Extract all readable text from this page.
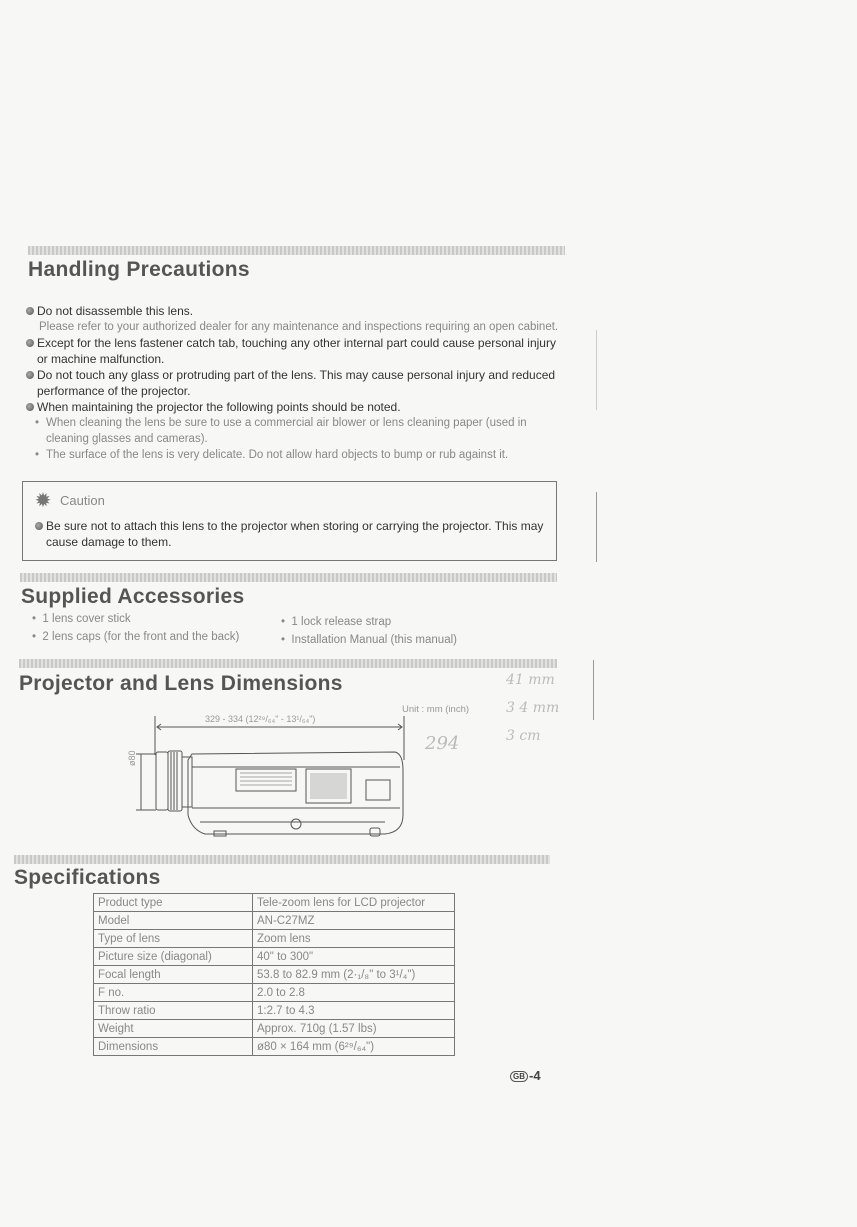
Handling Precautions
Do not disassemble this lens.
Please refer to your authorized dealer for any maintenance and inspections requiring an open cabinet.
Except for the lens fastener catch tab, touching any other internal part could cause personal injury or machine malfunction.
Do not touch any glass or protruding part of the lens. This may cause personal injury and reduced performance of the projector.
When maintaining the projector the following points should be noted.
• When cleaning the lens be sure to use a commercial air blower or lens cleaning paper (used in cleaning glasses and cameras).
• The surface of the lens is very delicate. Do not allow hard objects to bump or rub against it.
✹ Caution
Be sure not to attach this lens to the projector when storing or carrying the projector. This may cause damage to them.
Supplied Accessories
•  1 lens cover stick
•  2 lens caps (for the front and the back)
•  1 lock release strap
•  Installation Manual (this manual)
Projector and Lens Dimensions
Unit : mm (inch)
329 - 334 (12²⁹/₆₄" - 13¹/₆₄")
ø80
294
41 mm
3 4 mm
3 cm
Specifications
Product type	Tele-zoom lens for LCD projector
Model	AN-C27MZ
Type of lens	Zoom lens
Picture size (diagonal)	40" to 300"
Focal length	53.8 to 82.9 mm (2·₁/₈" to 3¹/₄")
F no.	2.0 to 2.8
Throw ratio	1:2.7 to 4.3
Weight	Approx. 710g (1.57 lbs)
Dimensions	ø80 × 164 mm (6²⁹/₆₄")
GB -4
